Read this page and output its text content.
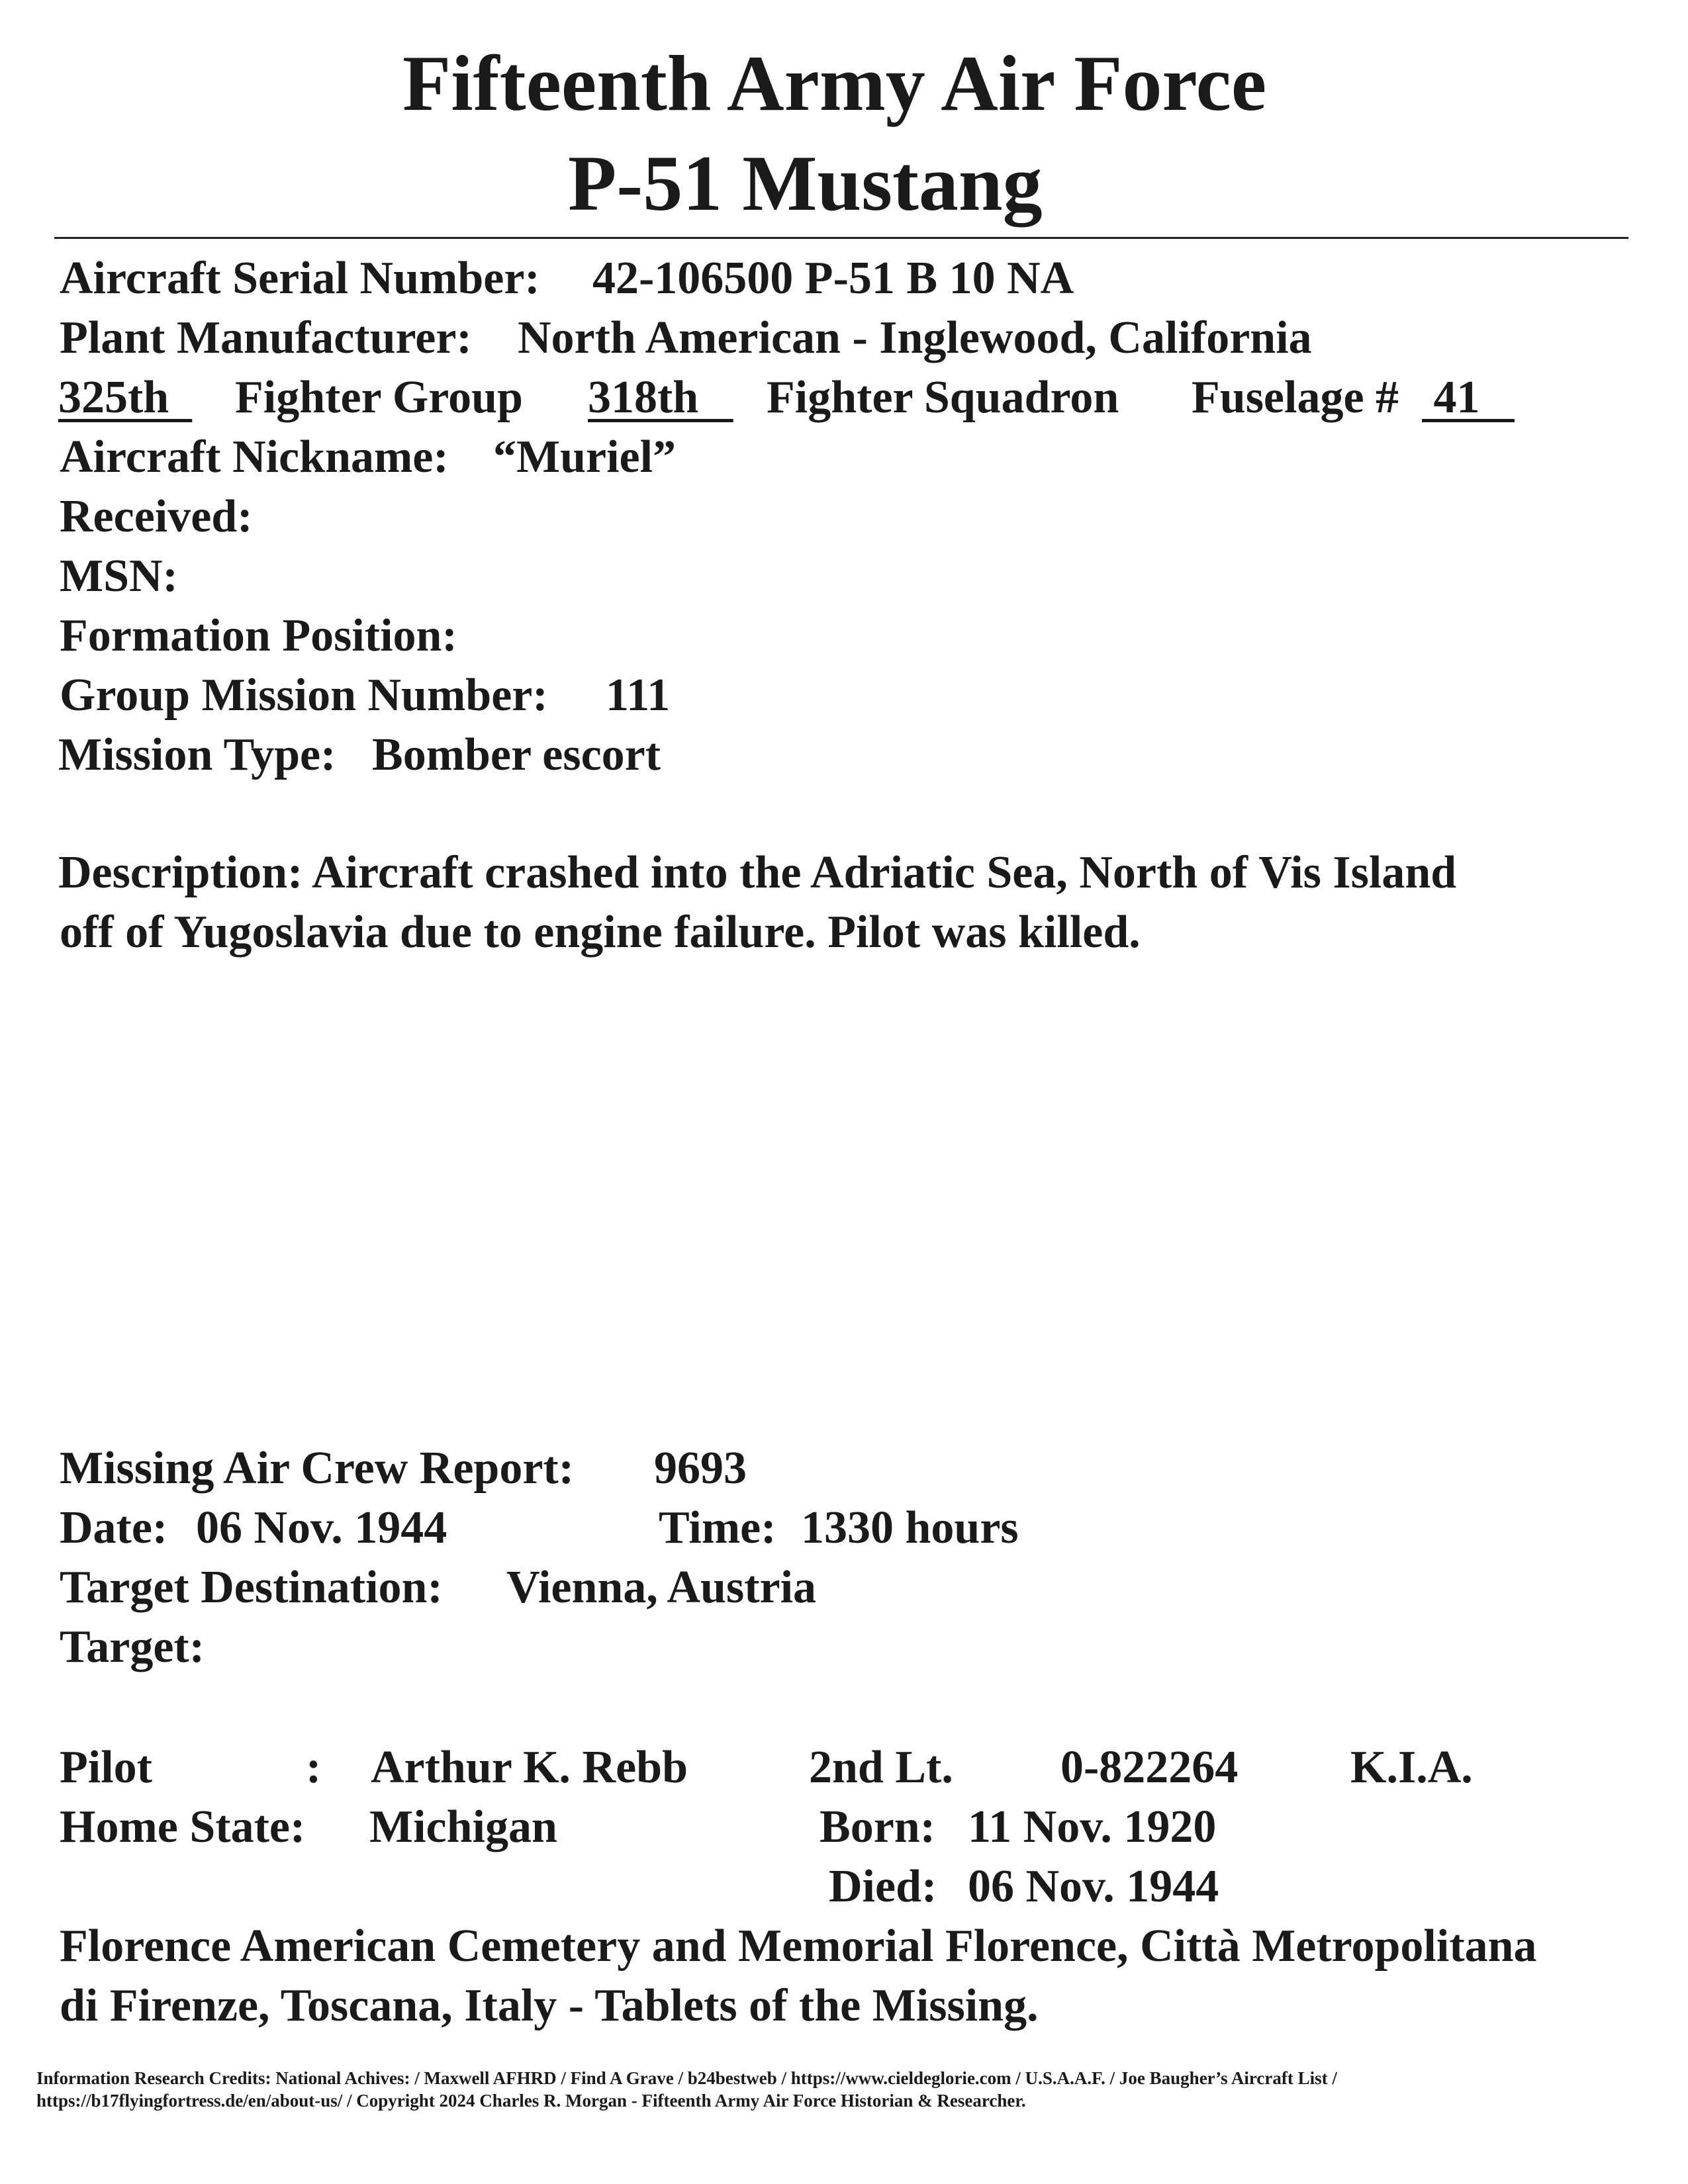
Fifteenth Army Air Force
P-51 Mustang
Aircraft Serial Number: 42-106500 P-51 B 10 NA
Plant Manufacturer: North American - Inglewood, California
325th Fighter Group 318th Fighter Squadron Fuselage # 41
Aircraft Nickname: “Muriel”
Received:
MSN:
Formation Position:
Group Mission Number: 111
Mission Type: Bomber escort
Description: Aircraft crashed into the Adriatic Sea, North of Vis Island
off of Yugoslavia due to engine failure. Pilot was killed.
Missing Air Crew Report: 9693
Date: 06 Nov. 1944	Time: 1330 hours
Target Destination: Vienna, Austria
Target:
Pilot	: Arthur K. Rebb	2nd Lt. 0-822264 K.I.A.
Home State: Michigan	Born: 11 Nov. 1920
Died: 06 Nov. 1944
Florence American Cemetery and Memorial Florence, Città Metropolitana
di Firenze, Toscana, Italy - Tablets of the Missing.
Information Research Credits: National Achives: / Maxwell AFHRD / Find A Grave / b24bestweb / https://www.cieldeglorie.com / U.S.A.A.F. / Joe Baugher’s Aircraft List /
https://b17flyingfortress.de/en/about-us/ / Copyright 2024 Charles R. Morgan - Fifteenth Army Air Force Historian & Researcher.
